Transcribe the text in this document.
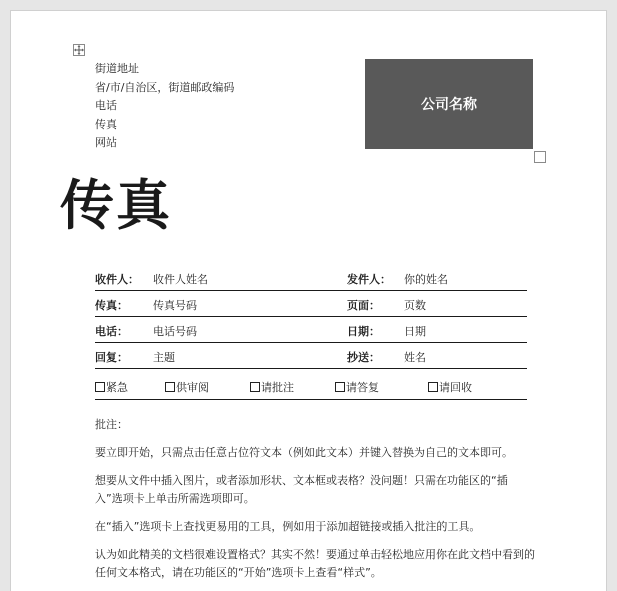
街道地址
省/市/自治区，街道邮政编码
电话
传真
网站
公司名称
传真
收件人： 收件人姓名	发件人： 你的姓名
传真： 传真号码	页面： 页数
电话： 电话号码	日期： 日期
回复： 主题	抄送： 姓名
紧急	供审阅	请批注	请答复	请回收

批注：

要立即开始，只需点击任意占位符文本（例如此文本）并键入替换为自己的文本即可。

想要从文件中插入图片，或者添加形状、文本框或表格？没问题！只需在功能区的“插入”选项卡上单击所需选项即可。

在“插入”选项卡上查找更易用的工具，例如用于添加超链接或插入批注的工具。

认为如此精美的文档很难设置格式？其实不然！要通过单击轻松地应用你在此文档中看到的任何文本格式，请在功能区的“开始”选项卡上查看“样式”。
